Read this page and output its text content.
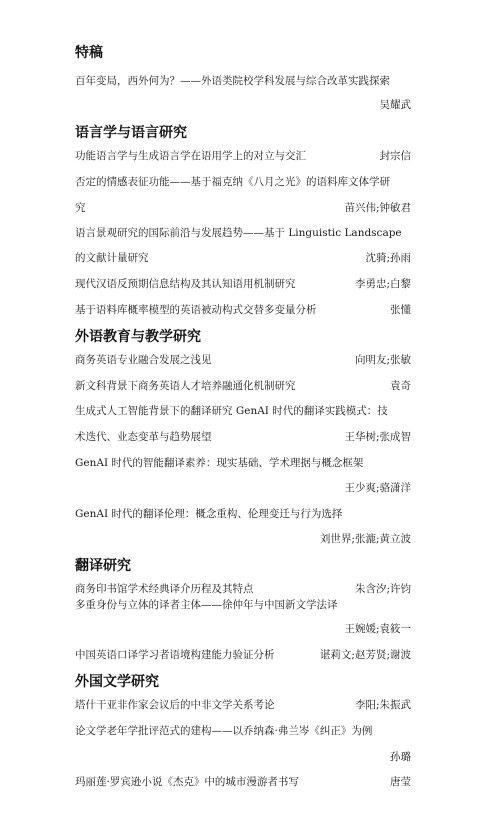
特稿
百年变局，西外何为？——外语类院校学科发展与综合改革实践探索
吴耀武
语言学与语言研究
功能语言学与生成语言学在语用学上的对立与交汇	封宗信
否定的情感表征功能——基于福克纳《八月之光》的语料库文体学研
究	苗兴伟;钟敏君
语言景观研究的国际前沿与发展趋势——基于 Linguistic Landscape
的文献计量研究	沈骑;孙雨
现代汉语反预期信息结构及其认知语用机制研究	李勇忠;白黎
基于语料库概率模型的英语被动构式交替多变量分析	张懂
外语教育与教学研究
商务英语专业融合发展之浅见	向明友;张敏
新文科背景下商务英语人才培养融通化机制研究	袁奇
生成式人工智能背景下的翻译研究 GenAI 时代的翻译实践模式：技
术迭代、业态变革与趋势展望	王华树;张成智
GenAI 时代的智能翻译素养：现实基础、学术理据与概念框架
王少爽;骆潇洋
GenAI 时代的翻译伦理：概念重构、伦理变迁与行为选择
刘世界;张漉;黄立波
翻译研究
商务印书馆学术经典译介历程及其特点	朱含汐;许钧
多重身份与立体的译者主体——徐仲年与中国新文学法译
王婉媛;袁筱一
中国英语口译学习者语境构建能力验证分析	谌莉文;赵芳贤;谢波
外国文学研究
塔什干亚非作家会议后的中非文学关系考论	李阳;朱振武
论文学老年学批评范式的建构——以乔纳森·弗兰岑《纠正》为例
孙璐
玛丽莲·罗宾逊小说《杰克》中的城市漫游者书写	唐莹
